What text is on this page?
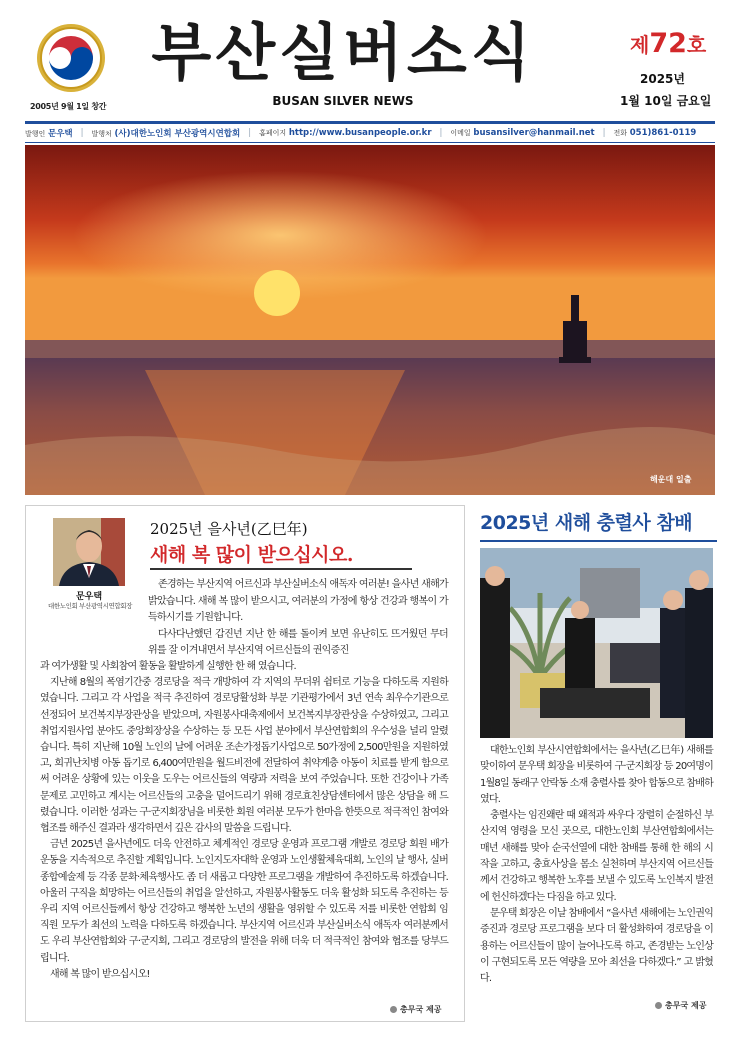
2005년 9월 1일 창간
부산실버소식
BUSAN SILVER NEWS
제72호
2025년
1월 10일 금요일
발행인 문우택 | 발행처 (사)대한노인회 부산광역시연합회 | 홈페이지 http://www.busanpeople.or.kr | 이메일 busansilver@hanmail.net | 전화 051)861-0119
해운대 일출
문우택
대한노인회 부산광역시연합회장
2025년 을사년(乙巳年)
새해 복 많이 받으십시오.

존경하는 부산지역 어르신과 부산실버소식 애독자 여러분! 을사년 새해가 밝았습니다. 새해 복 많이 받으시고, 여러분의 가정에 항상 건강과 행복이 가득하시기를 기원합니다.

다사다난했던 갑진년 지난 한 해를 돌이켜 보면 유난히도 뜨거웠던 무더위를 잘 이겨내면서 부산지역 어르신들의 권익증진

과 여가생활 및 사회참여 활동을 활발하게 실행한 한 해 였습니다.

지난해 8월의 폭염기간중 경로당을 적극 개방하여 각 지역의 무더위 쉼터로 기능을 다하도록 지원하였습니다. 그리고 각 사업을 적극 추진하여 경로당활성화 부문 기관평가에서 3년 연속 최우수기관으로 선정되어 보건복지부장관상을 받았으며, 자원봉사대축제에서 보건복지부장관상을 수상하였고, 그리고 취업지원사업 분야도 중앙회장상을 수상하는 등 모든 사업 분야에서 부산연합회의 우수성을 널리 알렸습니다. 특히 지난해 10월 노인의 날에 어려운 조손가정돕기사업으로 50가정에 2,500만원을 지원하였고, 희귀난치병 아동 돕기로 6,400여만원을 월드비전에 전달하여 취약계층 아동이 치료를 받게 함으로써 어려운 상황에 있는 이웃을 도우는 어르신들의 역량과 저력을 보여 주었습니다. 또한 건강이나 가족문제로 고민하고 계시는 어르신들의 고충을 덜어드리기 위해 경로효친상담센터에서 많은 상담을 해 드렸습니다. 이러한 성과는 구·군지회장님을 비롯한 회원 여러분 모두가 한마음 한뜻으로 적극적인 참여와 협조를 해주신 결과라 생각하면서 깊은 감사의 말씀을 드립니다.

금년 2025년 을사년에도 더욱 안전하고 체계적인 경로당 운영과 프로그램 개발로 경로당 회원 배가운동을 지속적으로 추진할 계획입니다. 노인지도자대학 운영과 노인생활체육대회, 노인의 날 행사, 실버종합예술제 등 각종 문화·체육행사도 좀 더 새롭고 다양한 프로그램을 개발하여 추진하도록 하겠습니다. 아울러 구직을 희망하는 어르신들의 취업을 알선하고, 자원봉사활동도 더욱 활성화 되도록 추진하는 등 우리 지역 어르신들께서 항상 건강하고 행복한 노년의 생활을 영위할 수 있도록 저를 비롯한 연합회 임직원 모두가 최선의 노력을 다하도록 하겠습니다. 부산지역 어르신과 부산실버소식 애독자 여러분께서도 우리 부산연합회와 구·군지회, 그리고 경로당의 발전을 위해 더욱 더 적극적인 참여와 협조를 당부드립니다.

새해 복 많이 받으십시오!

총무국 제공
2025년 새해 충렬사 참배

대한노인회 부산시연합회에서는 을사년(乙巳年) 새해를 맞이하여 문우택 회장을 비롯하여 구·군지회장 등 20여명이 1월8일 동래구 안락동 소재 충렬사를 찾아 합동으로 참배하였다.

충렬사는 임진왜란 때 왜적과 싸우다 장렬히 순절하신 부산지역 영령을 모신 곳으로, 대한노인회 부산연합회에서는 매년 새해를 맞아 순국선열에 대한 참배를 통해 한 해의 시작을 고하고, 충효사상을 몸소 실천하며 부산지역 어르신들께서 건강하고 행복한 노후를 보낼 수 있도록 노인복지 발전에 헌신하겠다는 다짐을 하고 있다.

문우택 회장은 이날 참배에서 “을사년 새해에는 노인권익 증진과 경로당 프로그램을 보다 더 활성화하여 경로당을 이용하는 어르신들이 많이 늘어나도록 하고, 존경받는 노인상이 구현되도록 모든 역량을 모아 최선을 다하겠다.” 고 밝혔다.

총무국 제공
